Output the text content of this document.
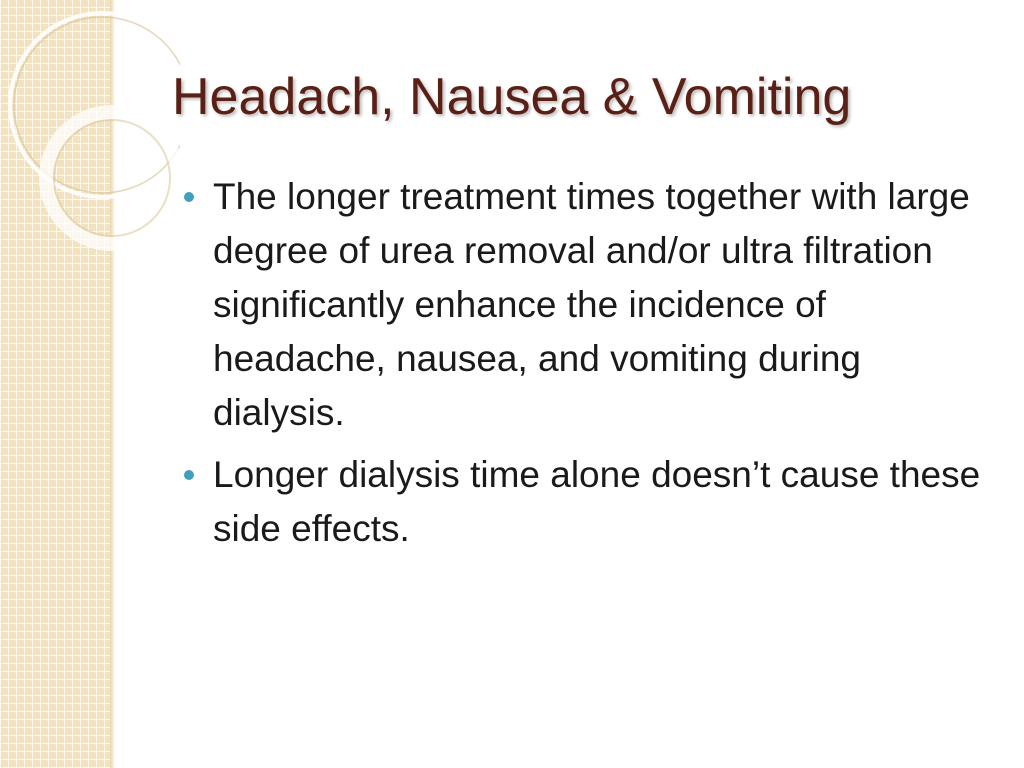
Headach, Nausea & Vomiting
The longer treatment times together with large degree of urea removal and/or ultra filtration significantly enhance the incidence of headache, nausea, and vomiting during dialysis.
Longer dialysis time alone doesn’t cause these side effects.
